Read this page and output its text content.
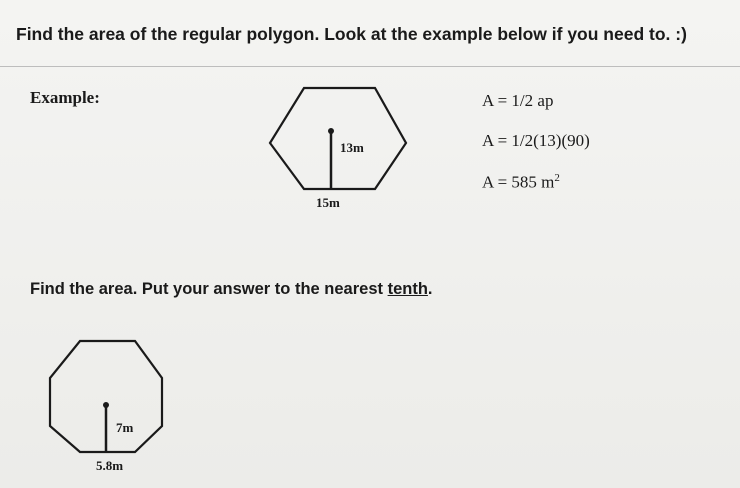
Find the area of the regular polygon. Look at the example below if you need to. :)
Example:
13m
15m
7m
5.8m
A = 1/2 ap
A = 1/2(13)(90)
A = 585 $m^2$
Find the area. Put your answer to the nearest tenth.
